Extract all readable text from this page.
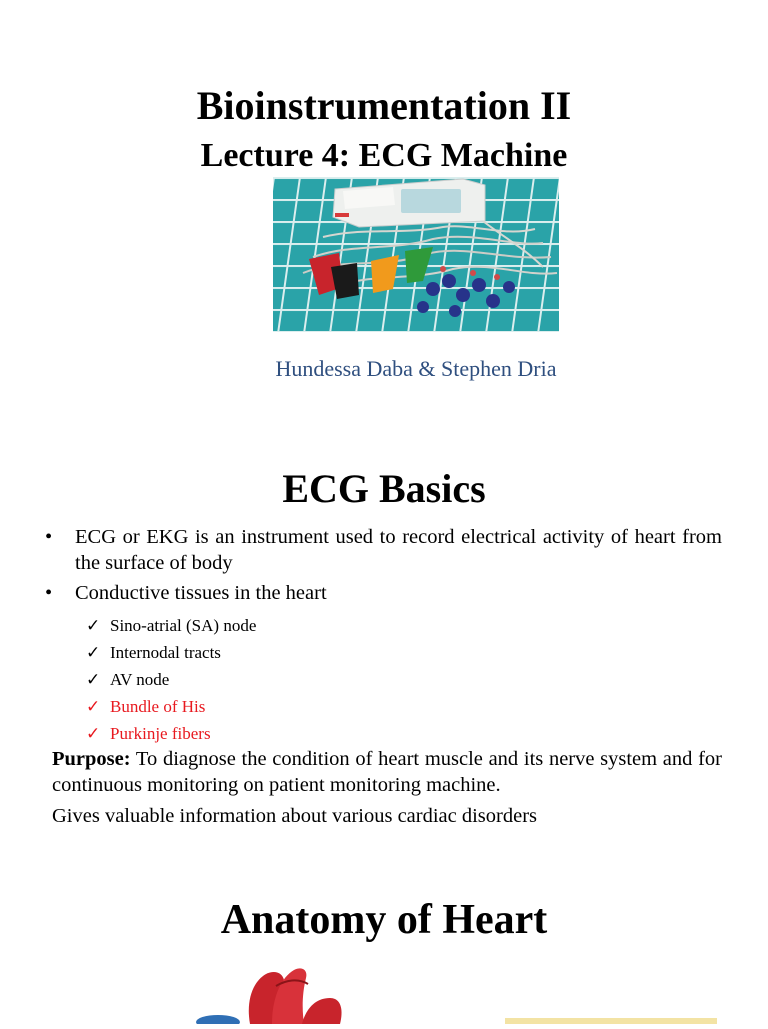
Bioinstrumentation II
Lecture 4: ECG Machine
Hundessa Daba & Stephen Dria
ECG Basics
• ECG or EKG is an instrument used to record electrical activity of heart from the surface of body
• Conductive tissues in the heart
✓ Sino-atrial (SA) node
✓ Internodal tracts
✓ AV node
✓ Bundle of His
✓ Purkinje fibers
Purpose: To diagnose the condition of heart muscle and its nerve system and for continuous monitoring on patient monitoring machine.
Gives valuable information about various cardiac disorders
Anatomy of Heart
